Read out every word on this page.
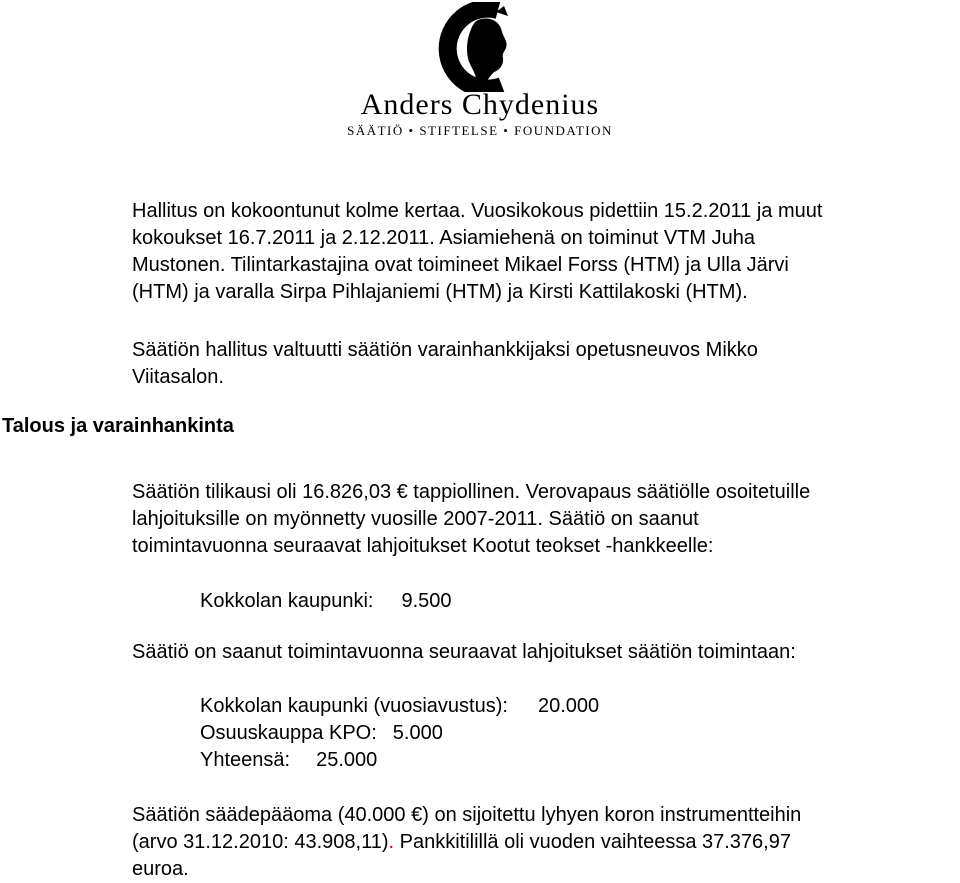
Anders Chydenius
SÄÄTIÖ • STIFTELSE • FOUNDATION
Hallitus on kokoontunut kolme kertaa. Vuosikokous pidettiin 15.2.2011 ja muut
kokoukset 16.7.2011 ja 2.12.2011. Asiamiehenä on toiminut VTM Juha
Mustonen. Tilintarkastajina ovat toimineet Mikael Forss (HTM) ja Ulla Järvi
(HTM) ja varalla Sirpa Pihlajaniemi (HTM) ja Kirsti Kattilakoski (HTM).
Säätiön hallitus valtuutti säätiön varainhankkijaksi opetusneuvos Mikko
Viitasalon.
Talous ja varainhankinta
Säätiön tilikausi oli 16.826,03 € tappiollinen. Verovapaus säätiölle osoitetuille
lahjoituksille on myönnetty vuosille 2007-2011. Säätiö on saanut
toimintavuonna seuraavat lahjoitukset Kootut teokset -hankkeelle:
Kokkolan kaupunki: 9.500
Säätiö on saanut toimintavuonna seuraavat lahjoitukset säätiön toimintaan:
Kokkolan kaupunki (vuosiavustus): 20.000
Osuuskauppa KPO: 5.000
Yhteensä: 25.000
Säätiön säädepääoma (40.000 €) on sijoitettu lyhyen koron instrumentteihin
(arvo 31.12.2010: 43.908,11). Pankkitilillä oli vuoden vaihteessa 37.376,97
euroa.
